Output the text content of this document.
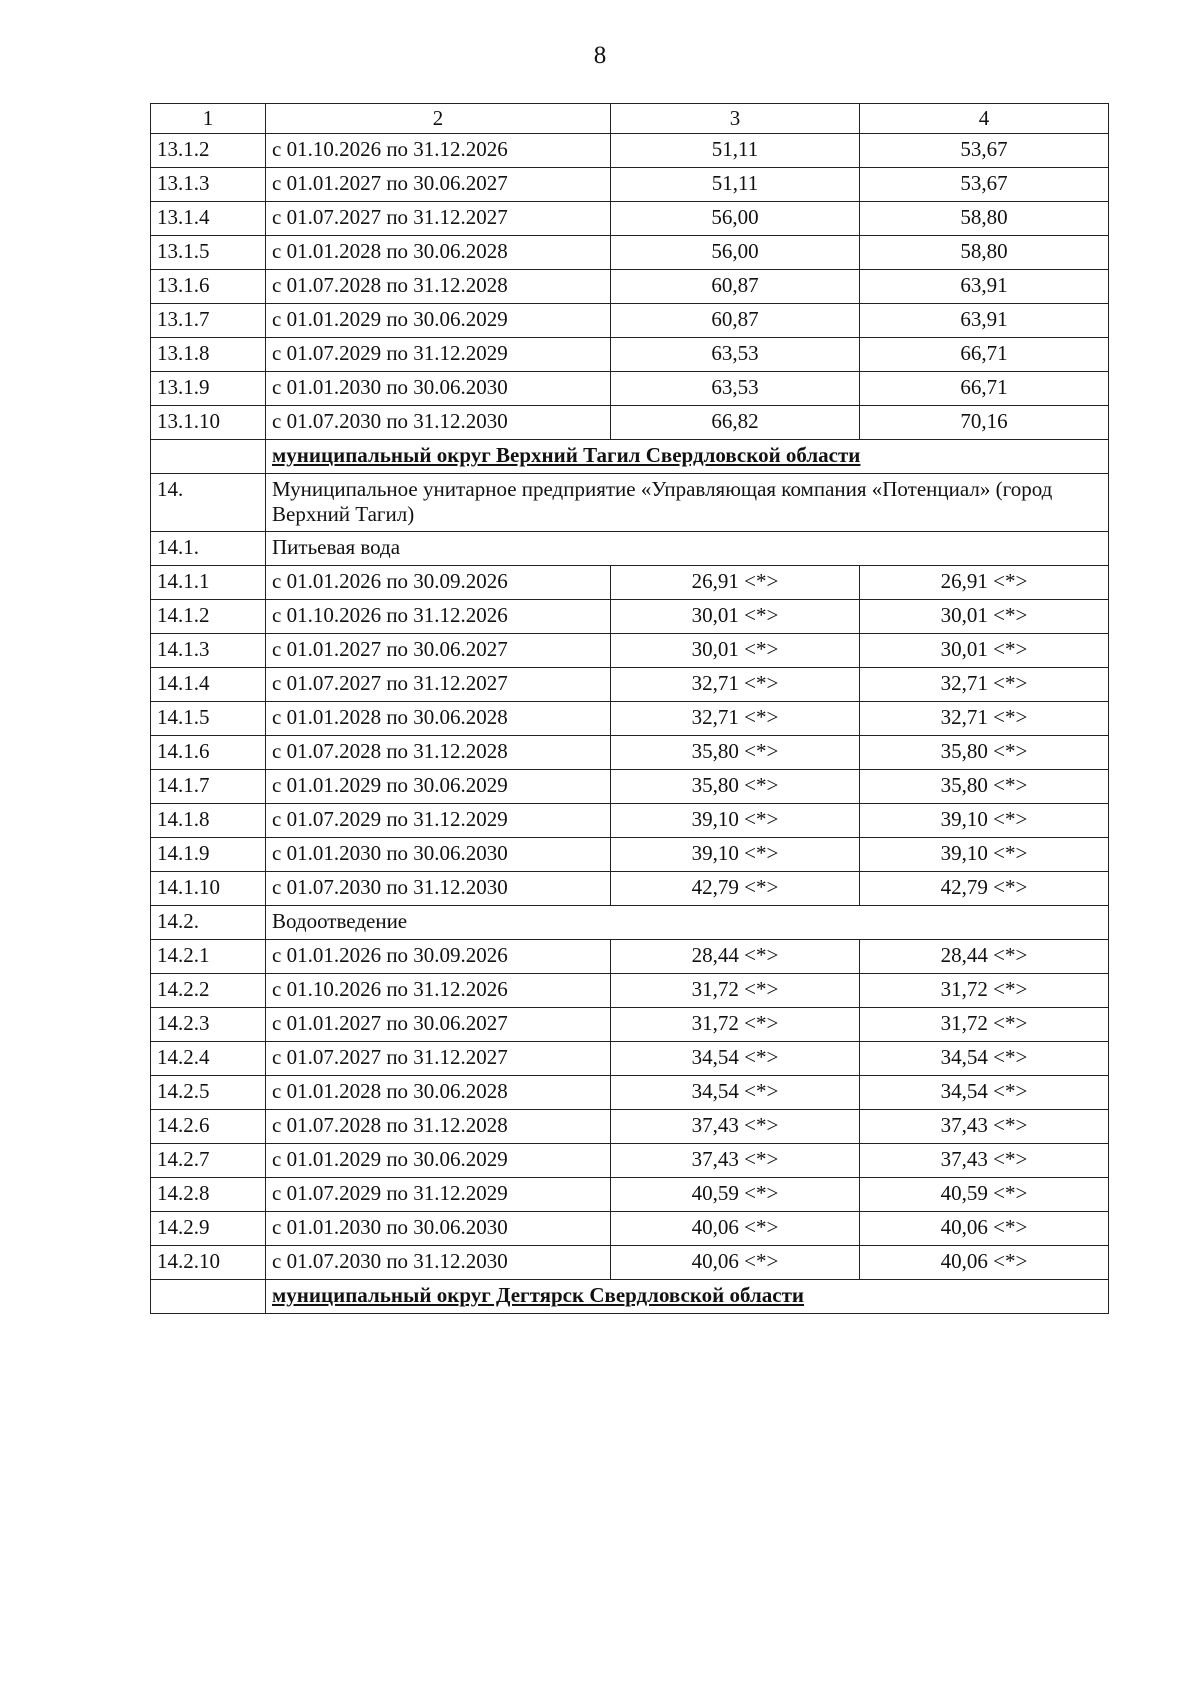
8
1	2	3	4
13.1.2	с 01.10.2026 по 31.12.2026	51,11	53,67
13.1.3	с 01.01.2027 по 30.06.2027	51,11	53,67
13.1.4	с 01.07.2027 по 31.12.2027	56,00	58,80
13.1.5	с 01.01.2028 по 30.06.2028	56,00	58,80
13.1.6	с 01.07.2028 по 31.12.2028	60,87	63,91
13.1.7	с 01.01.2029 по 30.06.2029	60,87	63,91
13.1.8	с 01.07.2029 по 31.12.2029	63,53	66,71
13.1.9	с 01.01.2030 по 30.06.2030	63,53	66,71
13.1.10	с 01.07.2030 по 31.12.2030	66,82	70,16
	муниципальный округ Верхний Тагил Свердловской области		
14.	Муниципальное унитарное предприятие «Управляющая компания «Потенциал» (город Верхний Тагил)		
14.1.	Питьевая вода		
14.1.1	с 01.01.2026 по 30.09.2026	26,91 <*>	26,91 <*>
14.1.2	с 01.10.2026 по 31.12.2026	30,01 <*>	30,01 <*>
14.1.3	с 01.01.2027 по 30.06.2027	30,01 <*>	30,01 <*>
14.1.4	с 01.07.2027 по 31.12.2027	32,71 <*>	32,71 <*>
14.1.5	с 01.01.2028 по 30.06.2028	32,71 <*>	32,71 <*>
14.1.6	с 01.07.2028 по 31.12.2028	35,80 <*>	35,80 <*>
14.1.7	с 01.01.2029 по 30.06.2029	35,80 <*>	35,80 <*>
14.1.8	с 01.07.2029 по 31.12.2029	39,10 <*>	39,10 <*>
14.1.9	с 01.01.2030 по 30.06.2030	39,10 <*>	39,10 <*>
14.1.10	с 01.07.2030 по 31.12.2030	42,79 <*>	42,79 <*>
14.2.	Водоотведение		
14.2.1	с 01.01.2026 по 30.09.2026	28,44 <*>	28,44 <*>
14.2.2	с 01.10.2026 по 31.12.2026	31,72 <*>	31,72 <*>
14.2.3	с 01.01.2027 по 30.06.2027	31,72 <*>	31,72 <*>
14.2.4	с 01.07.2027 по 31.12.2027	34,54 <*>	34,54 <*>
14.2.5	с 01.01.2028 по 30.06.2028	34,54 <*>	34,54 <*>
14.2.6	с 01.07.2028 по 31.12.2028	37,43 <*>	37,43 <*>
14.2.7	с 01.01.2029 по 30.06.2029	37,43 <*>	37,43 <*>
14.2.8	с 01.07.2029 по 31.12.2029	40,59 <*>	40,59 <*>
14.2.9	с 01.01.2030 по 30.06.2030	40,06 <*>	40,06 <*>
14.2.10	с 01.07.2030 по 31.12.2030	40,06 <*>	40,06 <*>
	муниципальный округ Дегтярск Свердловской области		
